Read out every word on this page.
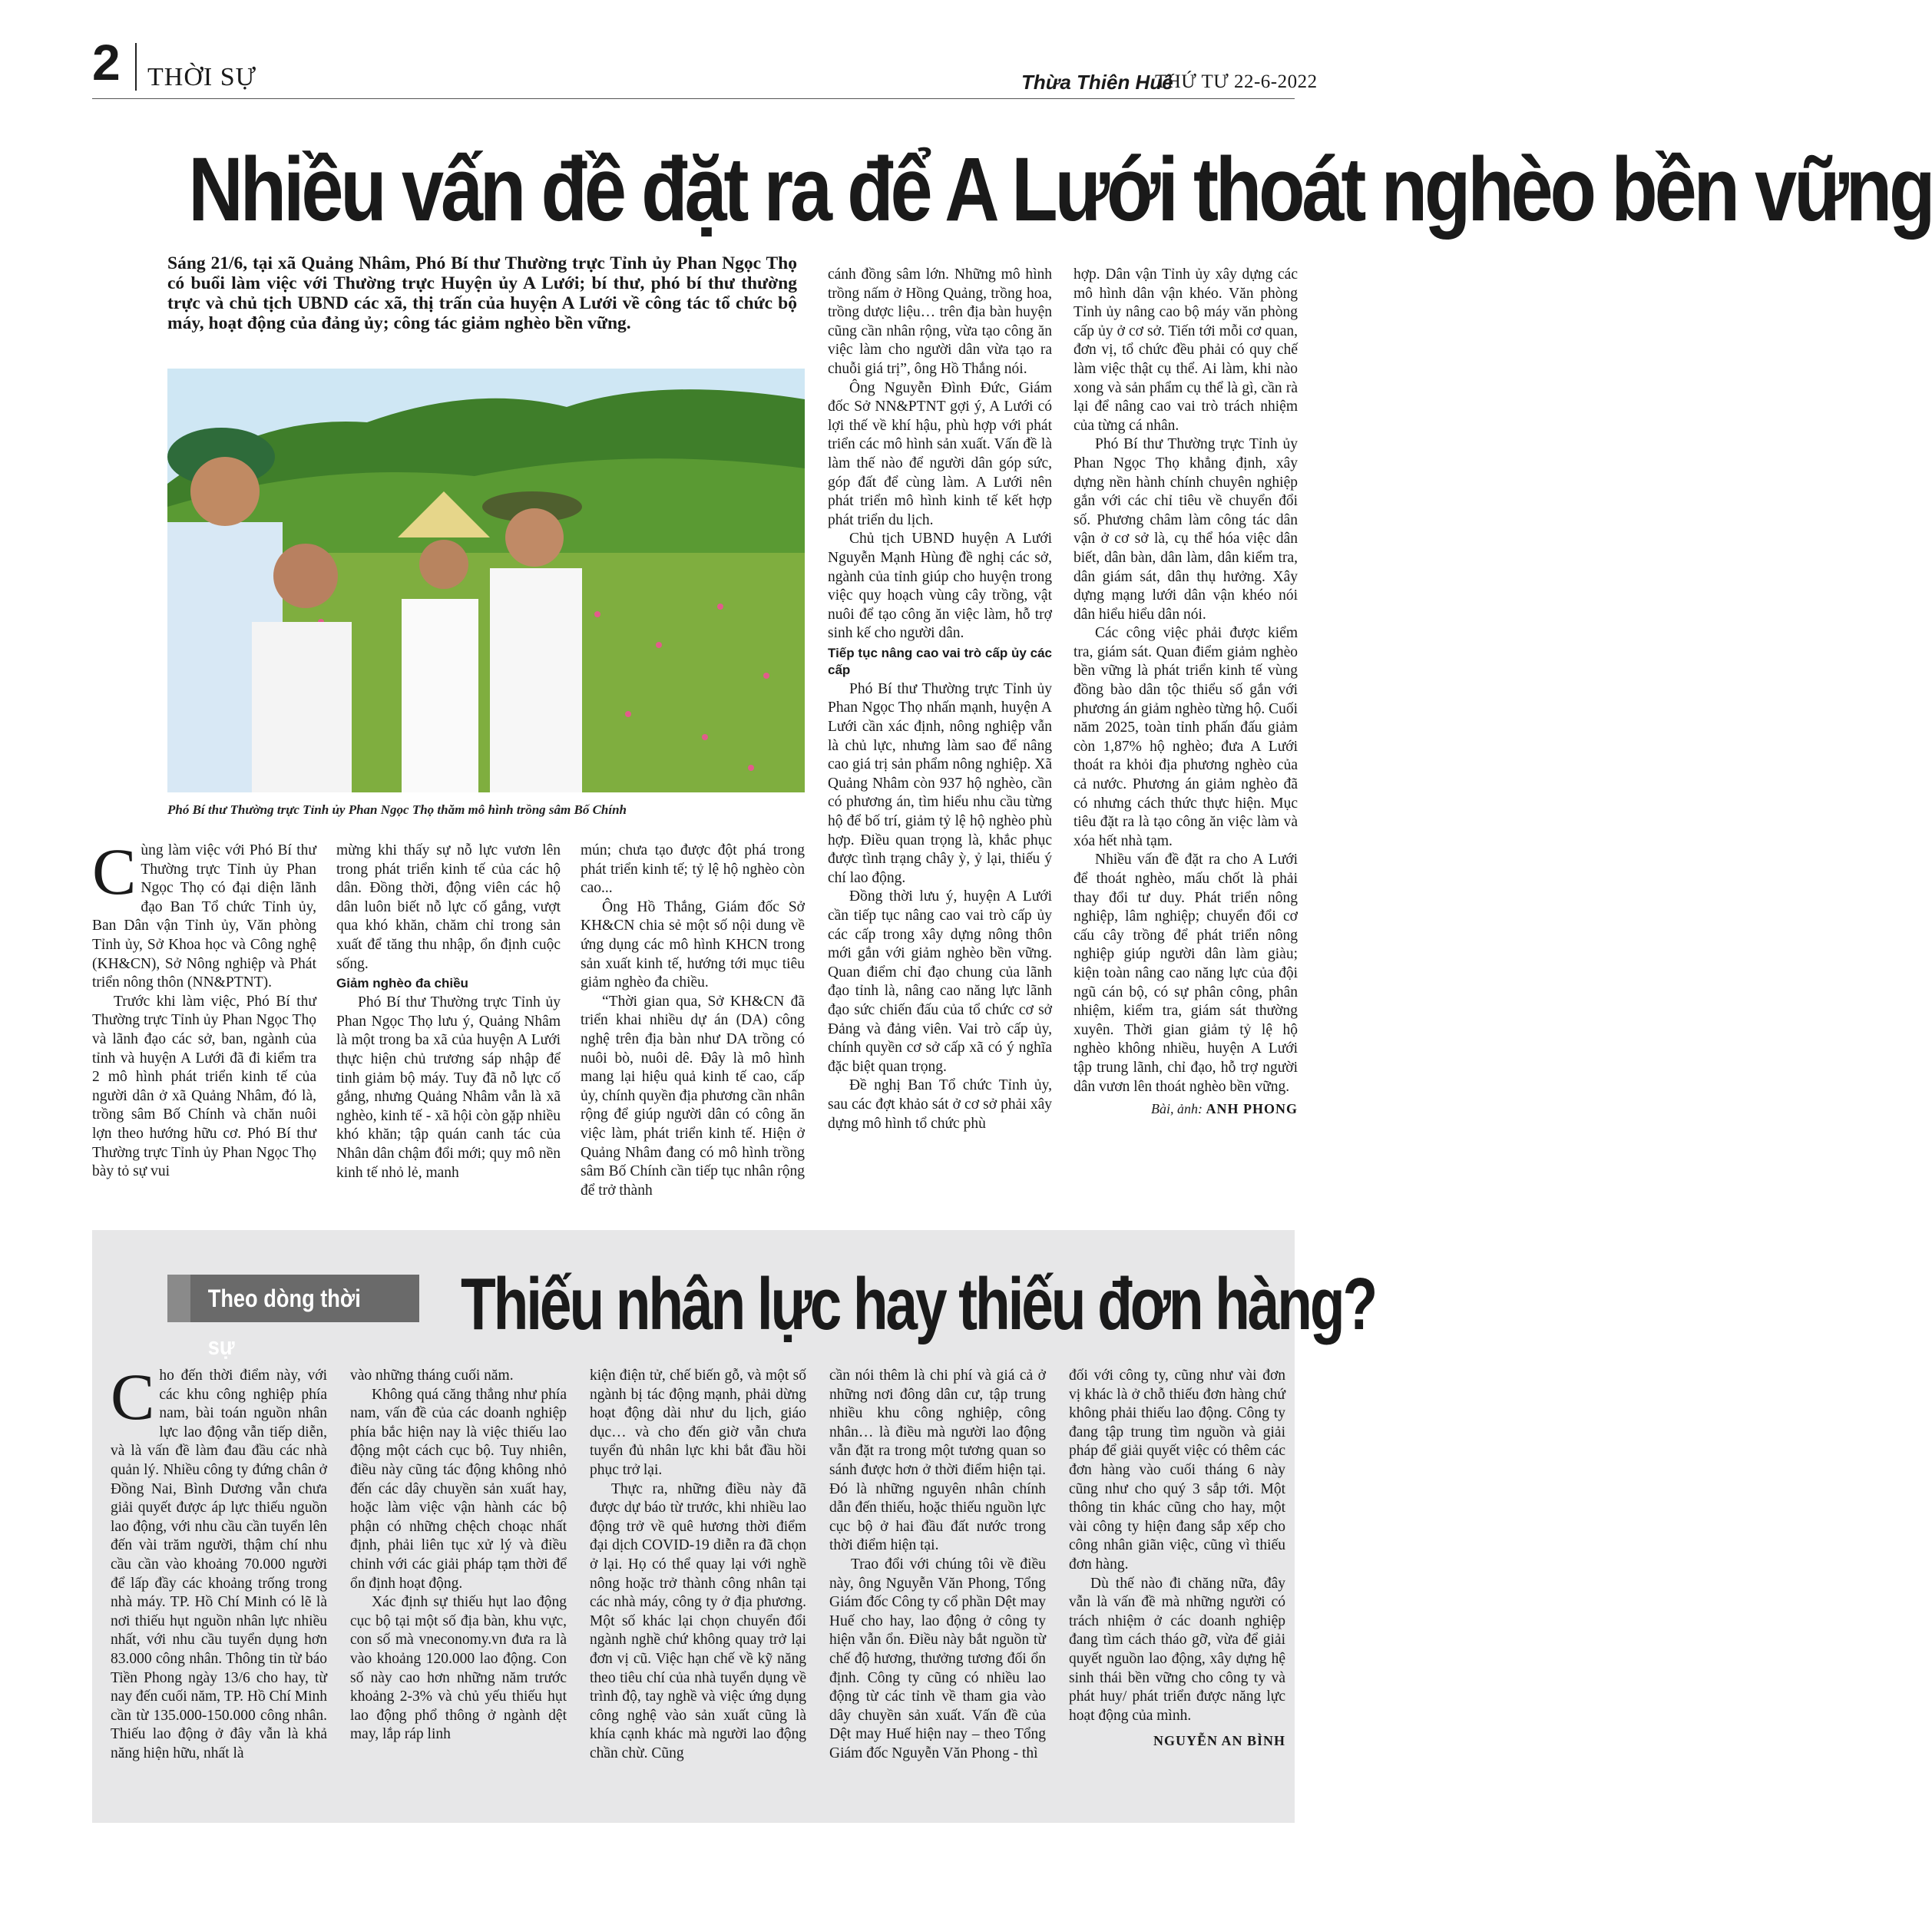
2 THỜI SỰ	Thừa Thiên Huế
THỨ TƯ 22-6-2022
Nhiều vấn đề đặt ra để A Lưới thoát nghèo bền vững
Sáng 21/6, tại xã Quảng Nhâm, Phó Bí thư Thường trực Tỉnh ủy Phan Ngọc Thọ có buổi làm việc với Thường trực Huyện ủy A Lưới; bí thư, phó bí thư thường trực và chủ tịch UBND các xã, thị trấn của huyện A Lưới về công tác tổ chức bộ máy, hoạt động của đảng ủy; công tác giảm nghèo bền vững.
Phó Bí thư Thường trực Tỉnh ủy Phan Ngọc Thọ thăm mô hình trồng sâm Bố Chính

cánh đồng sâm lớn. Những mô hình trồng nấm ở Hồng Quảng, trồng hoa, trồng dược liệu… trên địa bàn huyện cũng cần nhân rộng, vừa tạo công ăn việc làm cho người dân vừa tạo ra chuỗi giá trị”, ông Hồ Thắng nói.

Ông Nguyễn Đình Đức, Giám đốc Sở NN&PTNT gợi ý, A Lưới có lợi thế về khí hậu, phù hợp với phát triển các mô hình sản xuất. Vấn đề là làm thế nào để người dân góp sức, góp đất để cùng làm. A Lưới nên phát triển mô hình kinh tế kết hợp phát triển du lịch.

Chủ tịch UBND huyện A Lưới Nguyễn Mạnh Hùng đề nghị các sở, ngành của tỉnh giúp cho huyện trong việc quy hoạch vùng cây trồng, vật nuôi để tạo công ăn việc làm, hỗ trợ sinh kế cho người dân.

Tiếp tục nâng cao vai trò cấp ủy các cấp

Phó Bí thư Thường trực Tỉnh ủy Phan Ngọc Thọ nhấn mạnh, huyện A Lưới cần xác định, nông nghiệp vẫn là chủ lực, nhưng làm sao để nâng cao giá trị sản phẩm nông nghiệp. Xã Quảng Nhâm còn 937 hộ nghèo, cần có phương án, tìm hiểu nhu cầu từng hộ để bố trí, giảm tỷ lệ hộ nghèo phù hợp. Điều quan trọng là, khắc phục được tình trạng chây ỳ, ỷ lại, thiếu ý chí lao động.

Đồng thời lưu ý, huyện A Lưới cần tiếp tục nâng cao vai trò cấp ủy các cấp trong xây dựng nông thôn mới gắn với giảm nghèo bền vững. Quan điểm chỉ đạo chung của lãnh đạo tỉnh là, nâng cao năng lực lãnh đạo sức chiến đấu của tổ chức cơ sở Đảng và đảng viên. Vai trò cấp ủy, chính quyền cơ sở cấp xã có ý nghĩa đặc biệt quan trọng.

Đề nghị Ban Tổ chức Tỉnh ủy, sau các đợt khảo sát ở cơ sở phải xây dựng mô hình tổ chức phù

hợp. Dân vận Tỉnh ủy xây dựng các mô hình dân vận khéo. Văn phòng Tỉnh ủy nâng cao bộ máy văn phòng cấp ủy ở cơ sở. Tiến tới mỗi cơ quan, đơn vị, tổ chức đều phải có quy chế làm việc thật cụ thể. Ai làm, khi nào xong và sản phẩm cụ thể là gì, cần rà lại để nâng cao vai trò trách nhiệm của từng cá nhân.

Phó Bí thư Thường trực Tỉnh ủy Phan Ngọc Thọ khẳng định, xây dựng nền hành chính chuyên nghiệp gắn với các chỉ tiêu về chuyển đổi số. Phương châm làm công tác dân vận ở cơ sở là, cụ thể hóa việc dân biết, dân bàn, dân làm, dân kiểm tra, dân giám sát, dân thụ hưởng. Xây dựng mạng lưới dân vận khéo nói dân hiểu hiểu dân nói.

Các công việc phải được kiểm tra, giám sát. Quan điểm giảm nghèo bền vững là phát triển kinh tế vùng đồng bào dân tộc thiểu số gắn với phương án giảm nghèo từng hộ. Cuối năm 2025, toàn tỉnh phấn đấu giảm còn 1,87% hộ nghèo; đưa A Lưới thoát ra khỏi địa phương nghèo của cả nước. Phương án giảm nghèo đã có nhưng cách thức thực hiện. Mục tiêu đặt ra là tạo công ăn việc làm và xóa hết nhà tạm.

Nhiều vấn đề đặt ra cho A Lưới để thoát nghèo, mấu chốt là phải thay đổi tư duy. Phát triển nông nghiệp, lâm nghiệp; chuyển đổi cơ cấu cây trồng để phát triển nông nghiệp giúp người dân làm giàu; kiện toàn nâng cao năng lực của đội ngũ cán bộ, có sự phân công, phân nhiệm, kiểm tra, giám sát thường xuyên. Thời gian giảm tỷ lệ hộ nghèo không nhiều, huyện A Lưới tập trung lãnh, chỉ đạo, hỗ trợ người dân vươn lên thoát nghèo bền vững.

Bài, ảnh: ANH PHONG

Cùng làm việc với Phó Bí thư Thường trực Tỉnh ủy Phan Ngọc Thọ có đại diện lãnh đạo Ban Tổ chức Tỉnh ủy, Ban Dân vận Tỉnh ủy, Văn phòng Tỉnh ủy, Sở Khoa học và Công nghệ (KH&CN), Sở Nông nghiệp và Phát triển nông thôn (NN&PTNT).

Trước khi làm việc, Phó Bí thư Thường trực Tỉnh ủy Phan Ngọc Thọ và lãnh đạo các sở, ban, ngành của tỉnh và huyện A Lưới đã đi kiểm tra 2 mô hình phát triển kinh tế của người dân ở xã Quảng Nhâm, đó là, trồng sâm Bố Chính và chăn nuôi lợn theo hướng hữu cơ. Phó Bí thư Thường trực Tỉnh ủy Phan Ngọc Thọ bày tỏ sự vui

mừng khi thấy sự nỗ lực vươn lên trong phát triển kinh tế của các hộ dân. Đồng thời, động viên các hộ dân luôn biết nỗ lực cố gắng, vượt qua khó khăn, chăm chỉ trong sản xuất để tăng thu nhập, ổn định cuộc sống.

Giảm nghèo đa chiều

Phó Bí thư Thường trực Tỉnh ủy Phan Ngọc Thọ lưu ý, Quảng Nhâm là một trong ba xã của huyện A Lưới thực hiện chủ trương sáp nhập để tinh giảm bộ máy. Tuy đã nỗ lực cố gắng, nhưng Quảng Nhâm vẫn là xã nghèo, kinh tế - xã hội còn gặp nhiều khó khăn; tập quán canh tác của Nhân dân chậm đổi mới; quy mô nền kinh tế nhỏ lẻ, manh

mún; chưa tạo được đột phá trong phát triển kinh tế; tỷ lệ hộ nghèo còn cao...

Ông Hồ Thắng, Giám đốc Sở KH&CN chia sẻ một số nội dung về ứng dụng các mô hình KHCN trong sản xuất kinh tế, hướng tới mục tiêu giảm nghèo đa chiều.

“Thời gian qua, Sở KH&CN đã triển khai nhiều dự án (DA) công nghệ trên địa bàn như DA trồng có nuôi bò, nuôi dê. Đây là mô hình mang lại hiệu quả kinh tế cao, cấp ủy, chính quyền địa phương cần nhân rộng để giúp người dân có công ăn việc làm, phát triển kinh tế. Hiện ở Quảng Nhâm đang có mô hình trồng sâm Bố Chính cần tiếp tục nhân rộng để trở thành

Theo dòng thời sự
Thiếu nhân lực hay thiếu đơn hàng?

Cho đến thời điểm này, với các khu công nghiệp phía nam, bài toán nguồn nhân lực lao động vẫn tiếp diễn, và là vấn đề làm đau đầu các nhà quản lý. Nhiều công ty đứng chân ở Đồng Nai, Bình Dương vẫn chưa giải quyết được áp lực thiếu nguồn lao động, với nhu cầu cần tuyển lên đến vài trăm người, thậm chí nhu cầu cần vào khoảng 70.000 người để lấp đầy các khoảng trống trong nhà máy. TP. Hồ Chí Minh có lẽ là nơi thiếu hụt nguồn nhân lực nhiều nhất, với nhu cầu tuyển dụng hơn 83.000 công nhân. Thông tin từ báo Tiền Phong ngày 13/6 cho hay, từ nay đến cuối năm, TP. Hồ Chí Minh cần từ 135.000-150.000 công nhân. Thiếu lao động ở đây vẫn là khả năng hiện hữu, nhất là

vào những tháng cuối năm.

Không quá căng thẳng như phía nam, vấn đề của các doanh nghiệp phía bắc hiện nay là việc thiếu lao động một cách cục bộ. Tuy nhiên, điều này cũng tác động không nhỏ đến các dây chuyền sản xuất hay, hoặc làm việc vận hành các bộ phận có những chệch choạc nhất định, phải liên tục xử lý và điều chỉnh với các giải pháp tạm thời để ổn định hoạt động.

Xác định sự thiếu hụt lao động cục bộ tại một số địa bàn, khu vực, con số mà vneconomy.vn đưa ra là vào khoảng 120.000 lao động. Con số này cao hơn những năm trước khoảng 2-3% và chủ yếu thiếu hụt lao động phổ thông ở ngành dệt may, lắp ráp linh

kiện điện tử, chế biến gỗ, và một số ngành bị tác động mạnh, phải dừng hoạt động dài như du lịch, giáo dục… và cho đến giờ vẫn chưa tuyển đủ nhân lực khi bắt đầu hồi phục trở lại.

Thực ra, những điều này đã được dự báo từ trước, khi nhiều lao động trở về quê hương thời điểm đại dịch COVID-19 diễn ra đã chọn ở lại. Họ có thể quay lại với nghề nông hoặc trở thành công nhân tại các nhà máy, công ty ở địa phương. Một số khác lại chọn chuyển đổi ngành nghề chứ không quay trở lại đơn vị cũ. Việc hạn chế về kỹ năng theo tiêu chí của nhà tuyển dụng về trình độ, tay nghề và việc ứng dụng công nghệ vào sản xuất cũng là khía cạnh khác mà người lao động chần chừ. Cũng

cần nói thêm là chi phí và giá cả ở những nơi đông dân cư, tập trung nhiều khu công nghiệp, công nhân… là điều mà người lao động vẫn đặt ra trong một tương quan so sánh được hơn ở thời điểm hiện tại. Đó là những nguyên nhân chính dẫn đến thiếu, hoặc thiếu nguồn lực cục bộ ở hai đầu đất nước trong thời điểm hiện tại.

Trao đổi với chúng tôi về điều này, ông Nguyễn Văn Phong, Tổng Giám đốc Công ty cổ phần Dệt may Huế cho hay, lao động ở công ty hiện vẫn ổn. Điều này bắt nguồn từ chế độ hương, thưởng tương đối ổn định. Công ty cũng có nhiều lao động từ các tỉnh về tham gia vào dây chuyền sản xuất. Vấn đề của Dệt may Huế hiện nay – theo Tổng Giám đốc Nguyễn Văn Phong - thì

đối với công ty, cũng như vài đơn vị khác là ở chỗ thiếu đơn hàng chứ không phải thiếu lao động. Công ty đang tập trung tìm nguồn và giải pháp để giải quyết việc có thêm các đơn hàng vào cuối tháng 6 này cũng như cho quý 3 sắp tới. Một thông tin khác cũng cho hay, một vài công ty hiện đang sắp xếp cho công nhân giãn việc, cũng vì thiếu đơn hàng.

Dù thế nào đi chăng nữa, đây vẫn là vấn đề mà những người có trách nhiệm ở các doanh nghiệp đang tìm cách tháo gỡ, vừa để giải quyết nguồn lao động, xây dựng hệ sinh thái bền vững cho công ty và phát huy/ phát triển được năng lực hoạt động của mình.

NGUYỄN AN BÌNH
